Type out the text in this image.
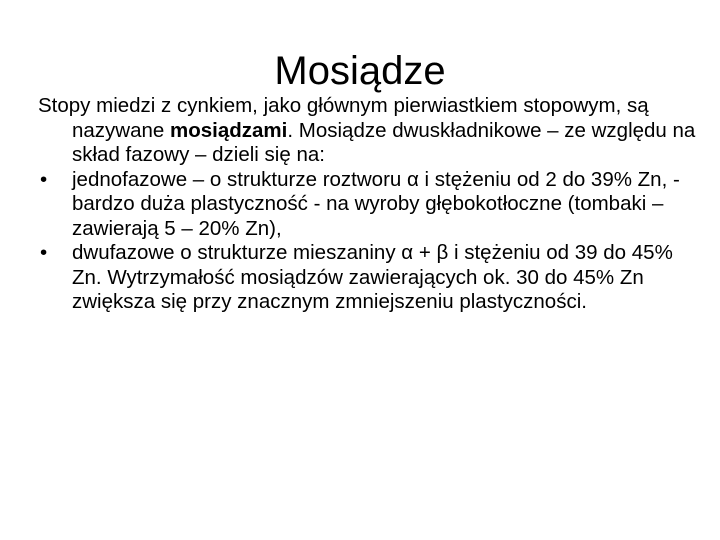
Mosiądze

Stopy miedzi z cynkiem, jako głównym pierwiastkiem stopowym, są nazywane mosiądzami. Mosiądze dwuskładnikowe – ze względu na skład fazowy – dzieli się na:

•	jednofazowe – o strukturze roztworu α i stężeniu od 2 do 39% Zn, - bardzo duża plastyczność - na wyroby głębokotłoczne (tombaki – zawierają 5 – 20% Zn),
•	dwufazowe o strukturze mieszaniny α + β i stężeniu od 39 do 45% Zn. Wytrzymałość mosiądzów zawierających ok. 30 do 45% Zn zwiększa się przy znacznym zmniejszeniu plastyczności.
